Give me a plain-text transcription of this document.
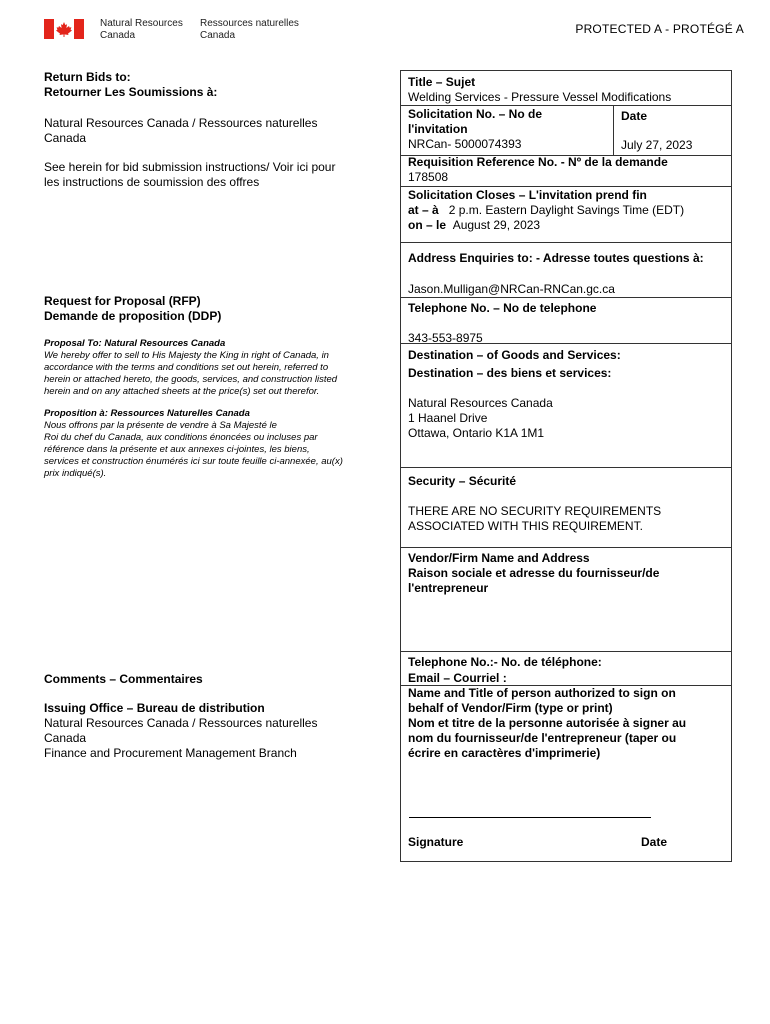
Natural Resources
Canada
Ressources naturelles
Canada	PROTECTED A - PROTÉGÉ A
Return Bids to:
Retourner Les Soumissions à:
Natural Resources Canada / Ressources naturelles
Canada
See herein for bid submission instructions/ Voir ici pour
les instructions de soumission des offres
Request for Proposal (RFP)
Demande de proposition (DDP)
Proposal To: Natural Resources Canada
We hereby offer to sell to His Majesty the King in right of Canada, in
accordance with the terms and conditions set out herein, referred to
herein or attached hereto, the goods, services, and construction listed
herein and on any attached sheets at the price(s) set out therefor.
Proposition à: Ressources Naturelles Canada
Nous offrons par la présente de vendre à Sa Majesté le
Roi du chef du Canada, aux conditions énoncées ou incluses par
référence dans la présente et aux annexes ci-jointes, les biens,
services et construction énumérés ici sur toute feuille ci-annexée, au(x)
prix indiqué(s).
Comments – Commentaires
Issuing Office – Bureau de distribution
Natural Resources Canada / Ressources naturelles
Canada
Finance and Procurement Management Branch
Title – Sujet
Welding Services - Pressure Vessel Modifications
Solicitation No. – No de
l'invitation
NRCan- 5000074393
Date
July 27, 2023
Requisition Reference No. - Nº de la demande
178508
Solicitation Closes – L'invitation prend fin
at – à 2 p.m. Eastern Daylight Savings Time (EDT)
on – le August 29, 2023
Address Enquiries to: - Adresse toutes questions à:
Jason.Mulligan@NRCan-RNCan.gc.ca
Telephone No. – No de telephone
343-553-8975
Destination – of Goods and Services:
Destination – des biens et services:
Natural Resources Canada
1 Haanel Drive
Ottawa, Ontario K1A 1M1
Security – Sécurité
THERE ARE NO SECURITY REQUIREMENTS
ASSOCIATED WITH THIS REQUIREMENT.
Vendor/Firm Name and Address
Raison sociale et adresse du fournisseur/de
l'entrepreneur
Telephone No.:- No. de téléphone:
Email – Courriel :
Name and Title of person authorized to sign on
behalf of Vendor/Firm (type or print)
Nom et titre de la personne autorisée à signer au
nom du fournisseur/de l'entrepreneur (taper ou
écrire en caractères d'imprimerie)
Signature	Date
